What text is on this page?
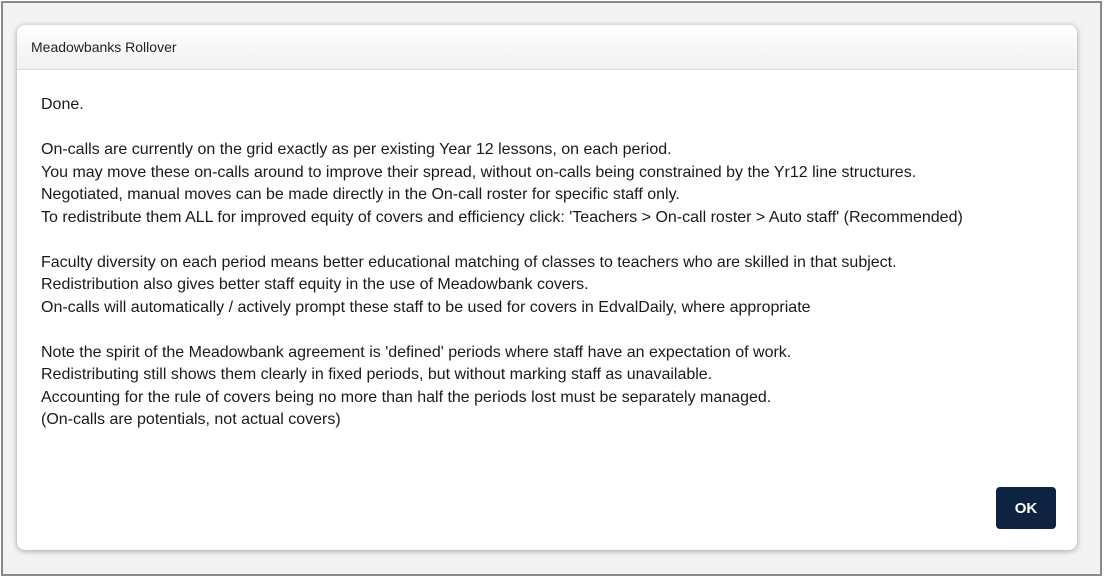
Meadowbanks Rollover

Done.

On-calls are currently on the grid exactly as per existing Year 12 lessons, on each period.
You may move these on-calls around to improve their spread, without on-calls being constrained by the Yr12 line structures.
Negotiated, manual moves can be made directly in the On-call roster for specific staff only.
To redistribute them ALL for improved equity of covers and efficiency click: 'Teachers > On-call roster > Auto staff' (Recommended)

Faculty diversity on each period means better educational matching of classes to teachers who are skilled in that subject.
Redistribution also gives better staff equity in the use of Meadowbank covers.
On-calls will automatically / actively prompt these staff to be used for covers in EdvalDaily, where appropriate

Note the spirit of the Meadowbank agreement is 'defined' periods where staff have an expectation of work.
Redistributing still shows them clearly in fixed periods, but without marking staff as unavailable.
Accounting for the rule of covers being no more than half the periods lost must be separately managed.
(On-calls are potentials, not actual covers)

OK
